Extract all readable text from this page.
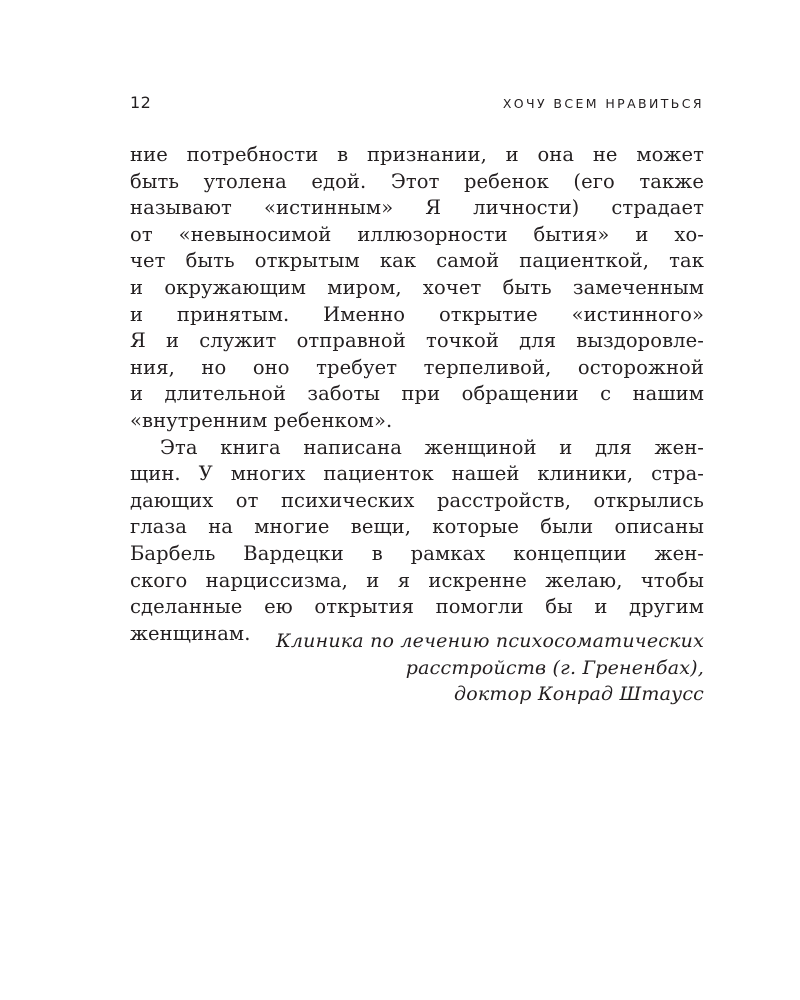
12	ХОЧУ ВСЕМ НРАВИТЬСЯ
ние потребности в признании, и она не может
быть утолена едой. Этот ребенок (его также
называют «истинным» Я личности) страдает
от «невыносимой иллюзорности бытия» и хо-
чет быть открытым как самой пациенткой, так
и окружающим миром, хочет быть замеченным
и принятым. Именно открытие «истинного»
Я и служит отправной точкой для выздоровле-
ния, но оно требует терпеливой, осторожной
и длительной заботы при обращении с нашим
«внутренним ребенком».
Эта книга написана женщиной и для жен-
щин. У многих пациенток нашей клиники, стра-
дающих от психических расстройств, открылись
глаза на многие вещи, которые были описаны
Барбель Вардецки в рамках концепции жен-
ского нарциссизма, и я искренне желаю, чтобы
сделанные ею открытия помогли бы и другим
женщинам.	Клиника по лечению психосоматических
расстройств (г. Грененбах),
доктор Конрад Штаусс
